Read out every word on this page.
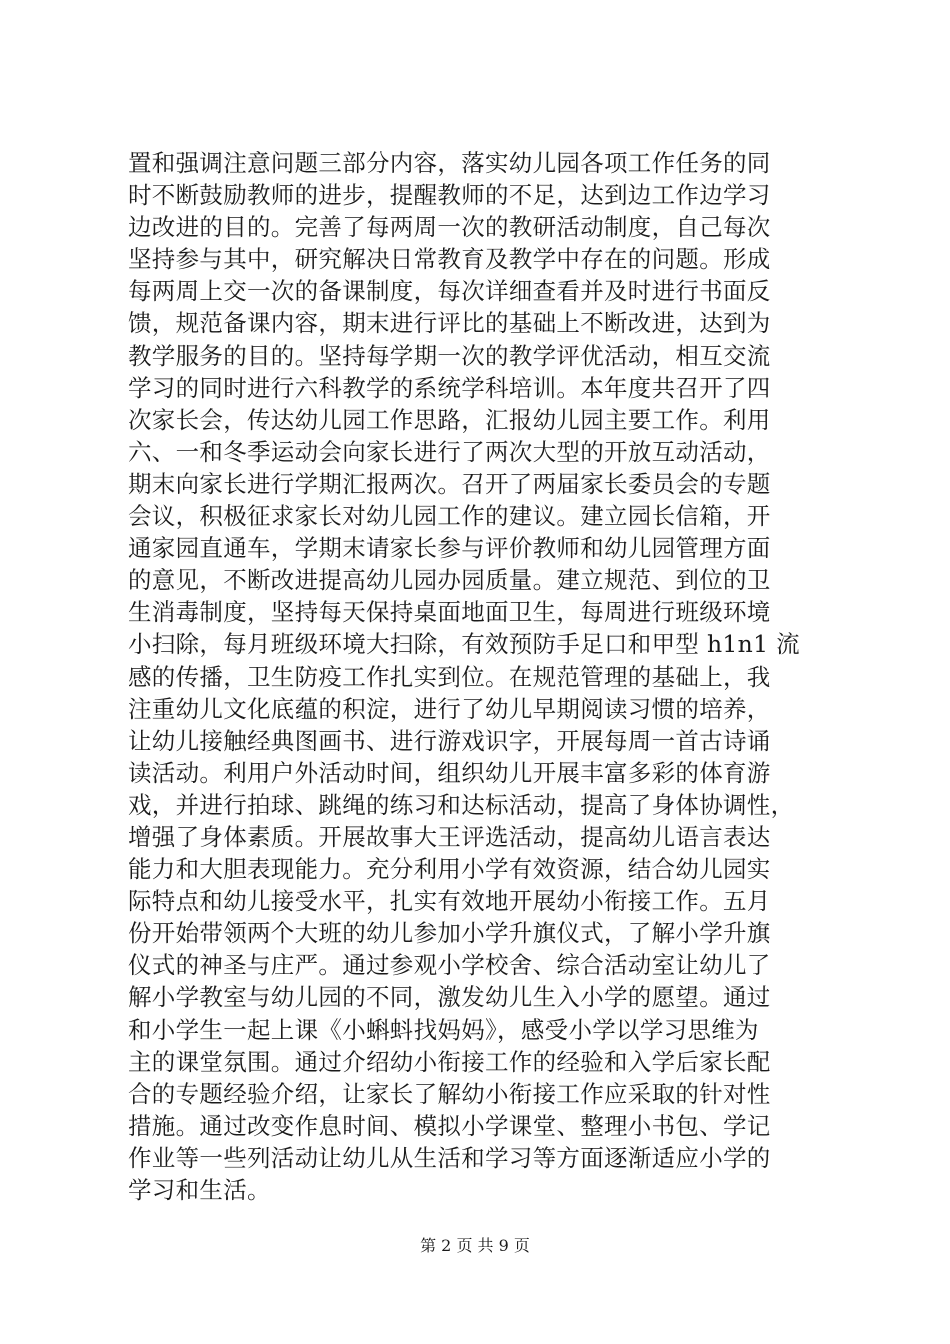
置和强调注意问题三部分内容，落实幼儿园各项工作任务的同
时不断鼓励教师的进步，提醒教师的不足，达到边工作边学习
边改进的目的。完善了每两周一次的教研活动制度，自己每次
坚持参与其中，研究解决日常教育及教学中存在的问题。形成
每两周上交一次的备课制度，每次详细查看并及时进行书面反
馈，规范备课内容，期末进行评比的基础上不断改进，达到为
教学服务的目的。坚持每学期一次的教学评优活动，相互交流
学习的同时进行六科教学的系统学科培训。本年度共召开了四
次家长会，传达幼儿园工作思路，汇报幼儿园主要工作。利用
六、一和冬季运动会向家长进行了两次大型的开放互动活动，
期末向家长进行学期汇报两次。召开了两届家长委员会的专题
会议，积极征求家长对幼儿园工作的建议。建立园长信箱，开
通家园直通车，学期末请家长参与评价教师和幼儿园管理方面
的意见，不断改进提高幼儿园办园质量。建立规范、到位的卫
生消毒制度，坚持每天保持桌面地面卫生，每周进行班级环境
小扫除，每月班级环境大扫除，有效预防手足口和甲型 h1n1 流
感的传播，卫生防疫工作扎实到位。在规范管理的基础上，我
注重幼儿文化底蕴的积淀，进行了幼儿早期阅读习惯的培养，
让幼儿接触经典图画书、进行游戏识字，开展每周一首古诗诵
读活动。利用户外活动时间，组织幼儿开展丰富多彩的体育游
戏，并进行拍球、跳绳的练习和达标活动，提高了身体协调性，
增强了身体素质。开展故事大王评选活动，提高幼儿语言表达
能力和大胆表现能力。充分利用小学有效资源，结合幼儿园实
际特点和幼儿接受水平，扎实有效地开展幼小衔接工作。五月
份开始带领两个大班的幼儿参加小学升旗仪式，了解小学升旗
仪式的神圣与庄严。通过参观小学校舍、综合活动室让幼儿了
解小学教室与幼儿园的不同，激发幼儿生入小学的愿望。通过
和小学生一起上课《小蝌蚪找妈妈》，感受小学以学习思维为
主的课堂氛围。通过介绍幼小衔接工作的经验和入学后家长配
合的专题经验介绍，让家长了解幼小衔接工作应采取的针对性
措施。通过改变作息时间、模拟小学课堂、整理小书包、学记
作业等一些列活动让幼儿从生活和学习等方面逐渐适应小学的
学习和生活。
第 2 页 共 9 页
